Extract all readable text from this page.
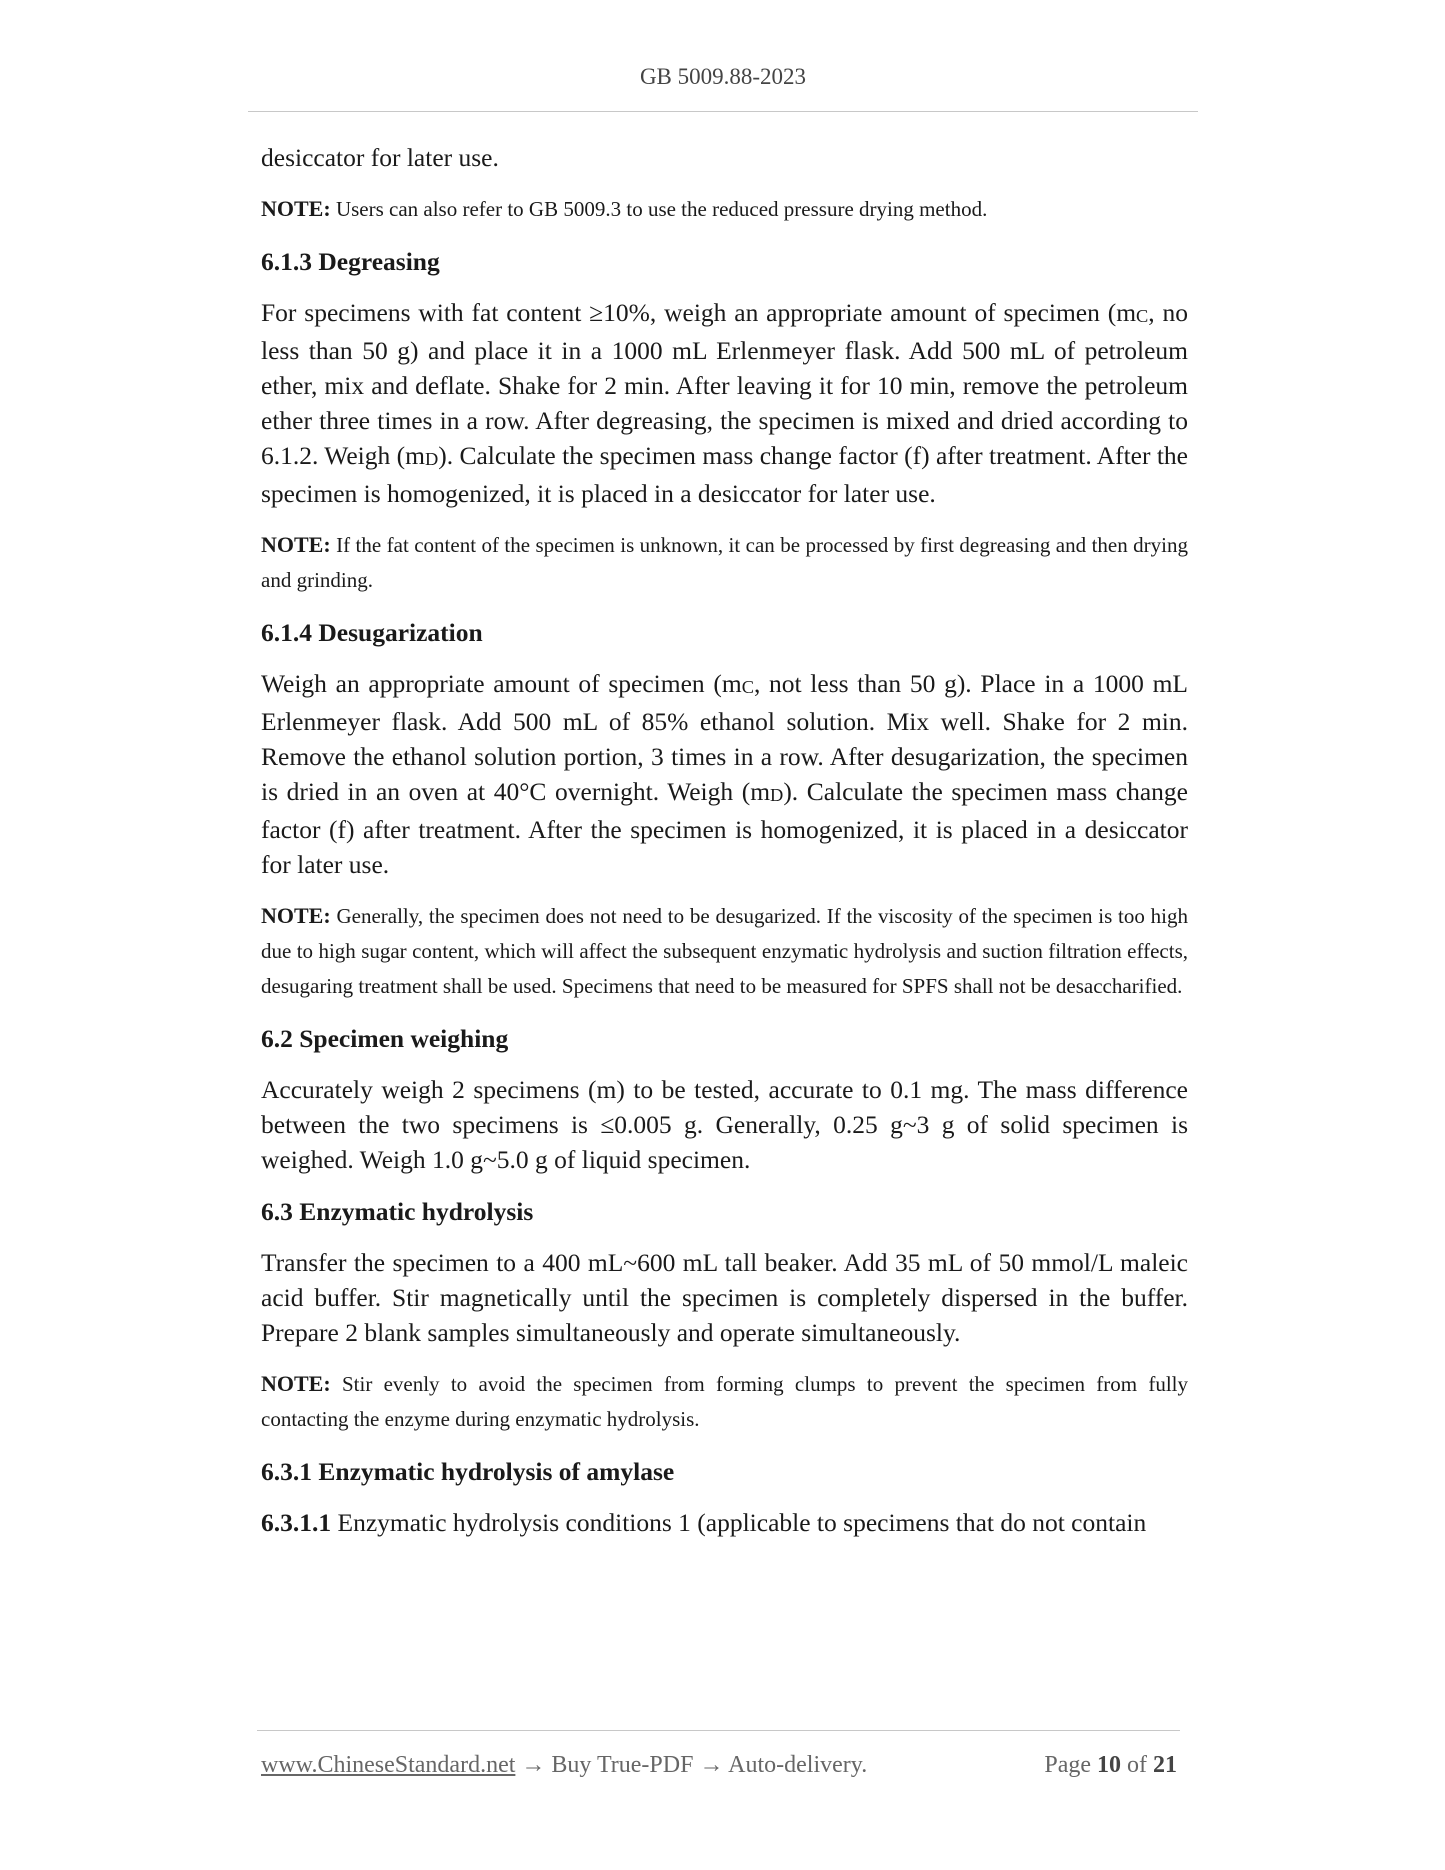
GB 5009.88-2023

desiccator for later use.

NOTE: Users can also refer to GB 5009.3 to use the reduced pressure drying method.

6.1.3 Degreasing

For specimens with fat content ≥10%, weigh an appropriate amount of specimen (mC, no less than 50 g) and place it in a 1000 mL Erlenmeyer flask. Add 500 mL of petroleum ether, mix and deflate. Shake for 2 min. After leaving it for 10 min, remove the petroleum ether three times in a row. After degreasing, the specimen is mixed and dried according to 6.1.2. Weigh (mD). Calculate the specimen mass change factor (f) after treatment. After the specimen is homogenized, it is placed in a desiccator for later use.

NOTE: If the fat content of the specimen is unknown, it can be processed by first degreasing and then drying and grinding.

6.1.4 Desugarization

Weigh an appropriate amount of specimen (mC, not less than 50 g). Place in a 1000 mL Erlenmeyer flask. Add 500 mL of 85% ethanol solution. Mix well. Shake for 2 min. Remove the ethanol solution portion, 3 times in a row. After desugarization, the specimen is dried in an oven at 40°C overnight. Weigh (mD). Calculate the specimen mass change factor (f) after treatment. After the specimen is homogenized, it is placed in a desiccator for later use.

NOTE: Generally, the specimen does not need to be desugarized. If the viscosity of the specimen is too high due to high sugar content, which will affect the subsequent enzymatic hydrolysis and suction filtration effects, desugaring treatment shall be used. Specimens that need to be measured for SPFS shall not be desaccharified.

6.2 Specimen weighing

Accurately weigh 2 specimens (m) to be tested, accurate to 0.1 mg. The mass difference between the two specimens is ≤0.005 g. Generally, 0.25 g~3 g of solid specimen is weighed. Weigh 1.0 g~5.0 g of liquid specimen.

6.3 Enzymatic hydrolysis

Transfer the specimen to a 400 mL~600 mL tall beaker. Add 35 mL of 50 mmol/L maleic acid buffer. Stir magnetically until the specimen is completely dispersed in the buffer. Prepare 2 blank samples simultaneously and operate simultaneously.

NOTE: Stir evenly to avoid the specimen from forming clumps to prevent the specimen from fully contacting the enzyme during enzymatic hydrolysis.

6.3.1 Enzymatic hydrolysis of amylase

6.3.1.1 Enzymatic hydrolysis conditions 1 (applicable to specimens that do not contain

www.ChineseStandard.net → Buy True-PDF → Auto-delivery.	Page 10 of 21
